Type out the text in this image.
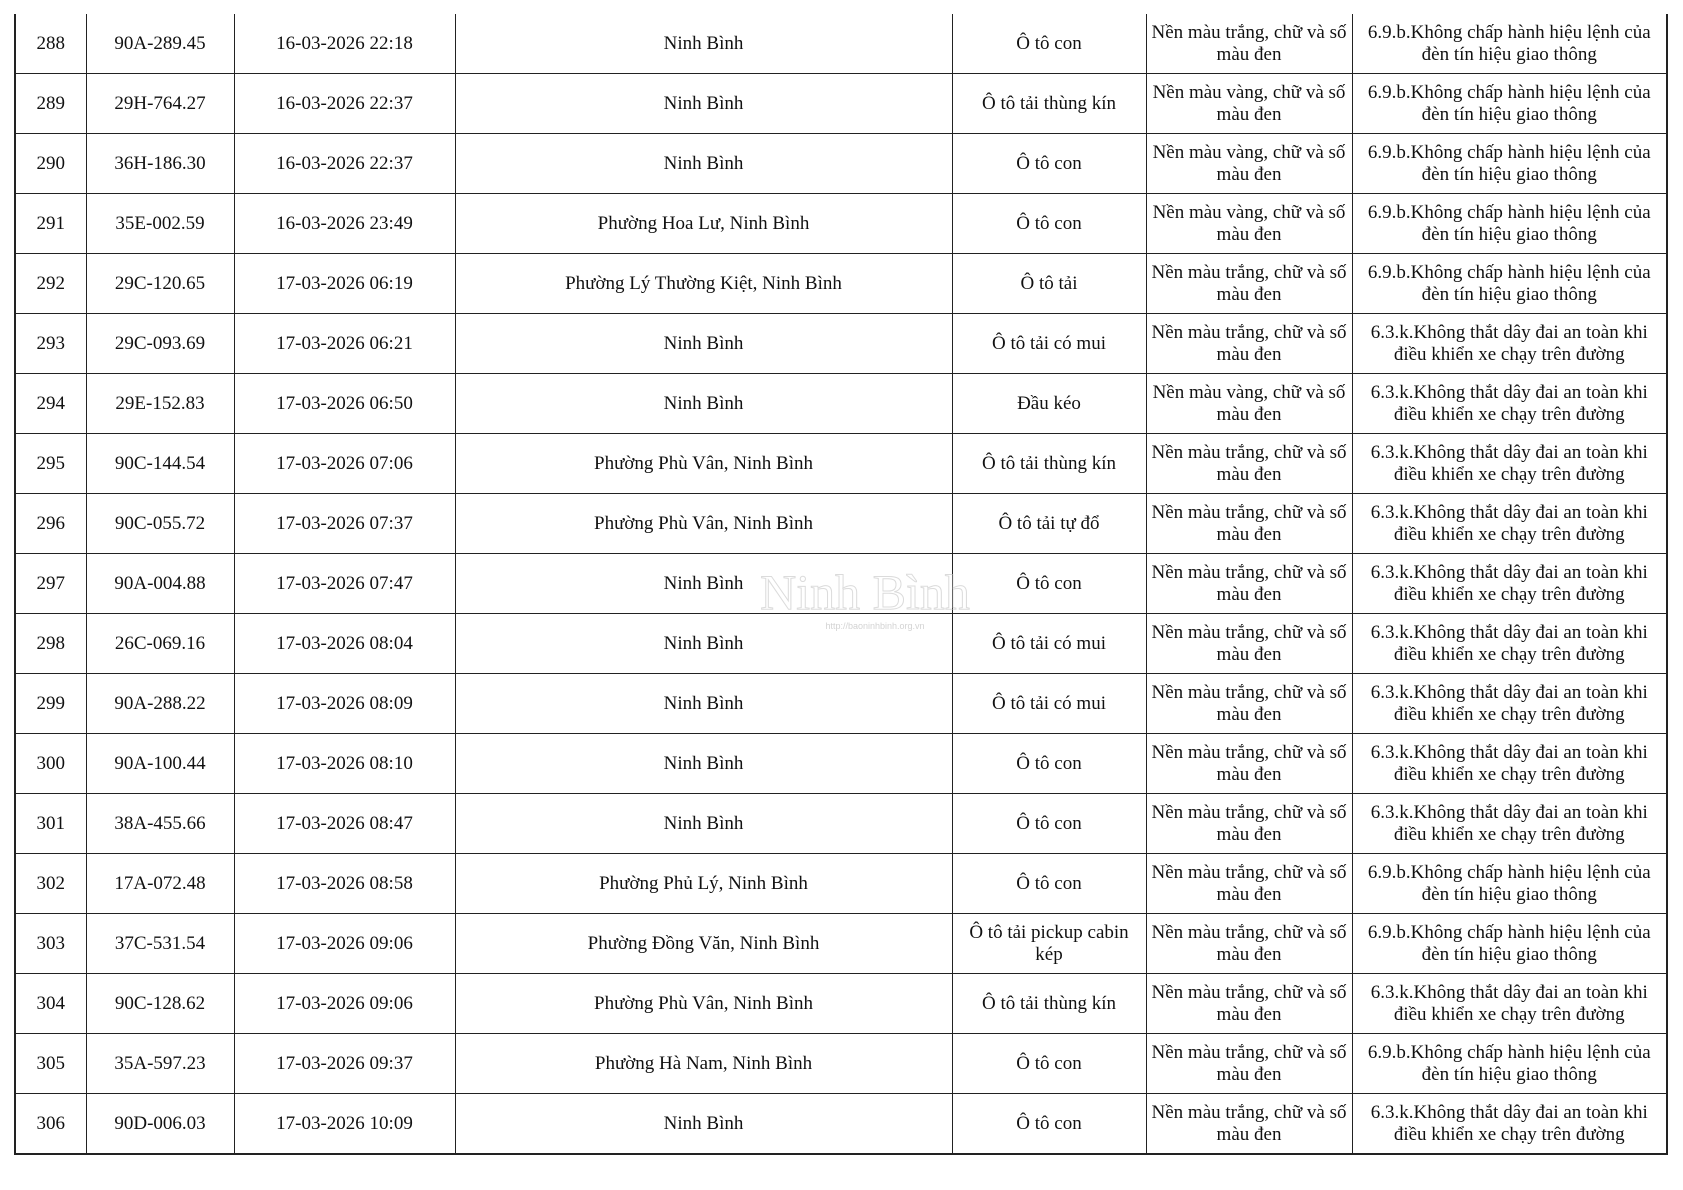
288	90A-289.45	16-03-2026 22:18	Ninh Bình	Ô tô con	Nền màu trắng, chữ và số màu đen	6.9.b.Không chấp hành hiệu lệnh của đèn tín hiệu giao thông
289	29H-764.27	16-03-2026 22:37	Ninh Bình	Ô tô tải thùng kín	Nền màu vàng, chữ và số màu đen	6.9.b.Không chấp hành hiệu lệnh của đèn tín hiệu giao thông
290	36H-186.30	16-03-2026 22:37	Ninh Bình	Ô tô con	Nền màu vàng, chữ và số màu đen	6.9.b.Không chấp hành hiệu lệnh của đèn tín hiệu giao thông
291	35E-002.59	16-03-2026 23:49	Phường Hoa Lư, Ninh Bình	Ô tô con	Nền màu vàng, chữ và số màu đen	6.9.b.Không chấp hành hiệu lệnh của đèn tín hiệu giao thông
292	29C-120.65	17-03-2026 06:19	Phường Lý Thường Kiệt, Ninh Bình	Ô tô tải	Nền màu trắng, chữ và số màu đen	6.9.b.Không chấp hành hiệu lệnh của đèn tín hiệu giao thông
293	29C-093.69	17-03-2026 06:21	Ninh Bình	Ô tô tải có mui	Nền màu trắng, chữ và số màu đen	6.3.k.Không thắt dây đai an toàn khi điều khiển xe chạy trên đường
294	29E-152.83	17-03-2026 06:50	Ninh Bình	Đầu kéo	Nền màu vàng, chữ và số màu đen	6.3.k.Không thắt dây đai an toàn khi điều khiển xe chạy trên đường
295	90C-144.54	17-03-2026 07:06	Phường Phù Vân, Ninh Bình	Ô tô tải thùng kín	Nền màu trắng, chữ và số màu đen	6.3.k.Không thắt dây đai an toàn khi điều khiển xe chạy trên đường
296	90C-055.72	17-03-2026 07:37	Phường Phù Vân, Ninh Bình	Ô tô tải tự đổ	Nền màu trắng, chữ và số màu đen	6.3.k.Không thắt dây đai an toàn khi điều khiển xe chạy trên đường
297	90A-004.88	17-03-2026 07:47	Ninh Bình	Ô tô con	Nền màu trắng, chữ và số màu đen	6.3.k.Không thắt dây đai an toàn khi điều khiển xe chạy trên đường
298	26C-069.16	17-03-2026 08:04	Ninh Bình	Ô tô tải có mui	Nền màu trắng, chữ và số màu đen	6.3.k.Không thắt dây đai an toàn khi điều khiển xe chạy trên đường
299	90A-288.22	17-03-2026 08:09	Ninh Bình	Ô tô tải có mui	Nền màu trắng, chữ và số màu đen	6.3.k.Không thắt dây đai an toàn khi điều khiển xe chạy trên đường
300	90A-100.44	17-03-2026 08:10	Ninh Bình	Ô tô con	Nền màu trắng, chữ và số màu đen	6.3.k.Không thắt dây đai an toàn khi điều khiển xe chạy trên đường
301	38A-455.66	17-03-2026 08:47	Ninh Bình	Ô tô con	Nền màu trắng, chữ và số màu đen	6.3.k.Không thắt dây đai an toàn khi điều khiển xe chạy trên đường
302	17A-072.48	17-03-2026 08:58	Phường Phủ Lý, Ninh Bình	Ô tô con	Nền màu trắng, chữ và số màu đen	6.9.b.Không chấp hành hiệu lệnh của đèn tín hiệu giao thông
303	37C-531.54	17-03-2026 09:06	Phường Đồng Văn, Ninh Bình	Ô tô tải pickup cabin kép	Nền màu trắng, chữ và số màu đen	6.9.b.Không chấp hành hiệu lệnh của đèn tín hiệu giao thông
304	90C-128.62	17-03-2026 09:06	Phường Phù Vân, Ninh Bình	Ô tô tải thùng kín	Nền màu trắng, chữ và số màu đen	6.3.k.Không thắt dây đai an toàn khi điều khiển xe chạy trên đường
305	35A-597.23	17-03-2026 09:37	Phường Hà Nam, Ninh Bình	Ô tô con	Nền màu trắng, chữ và số màu đen	6.9.b.Không chấp hành hiệu lệnh của đèn tín hiệu giao thông
306	90D-006.03	17-03-2026 10:09	Ninh Bình	Ô tô con	Nền màu trắng, chữ và số màu đen	6.3.k.Không thắt dây đai an toàn khi điều khiển xe chạy trên đường
Ninh Bình
http://baoninhbinh.org.vn
